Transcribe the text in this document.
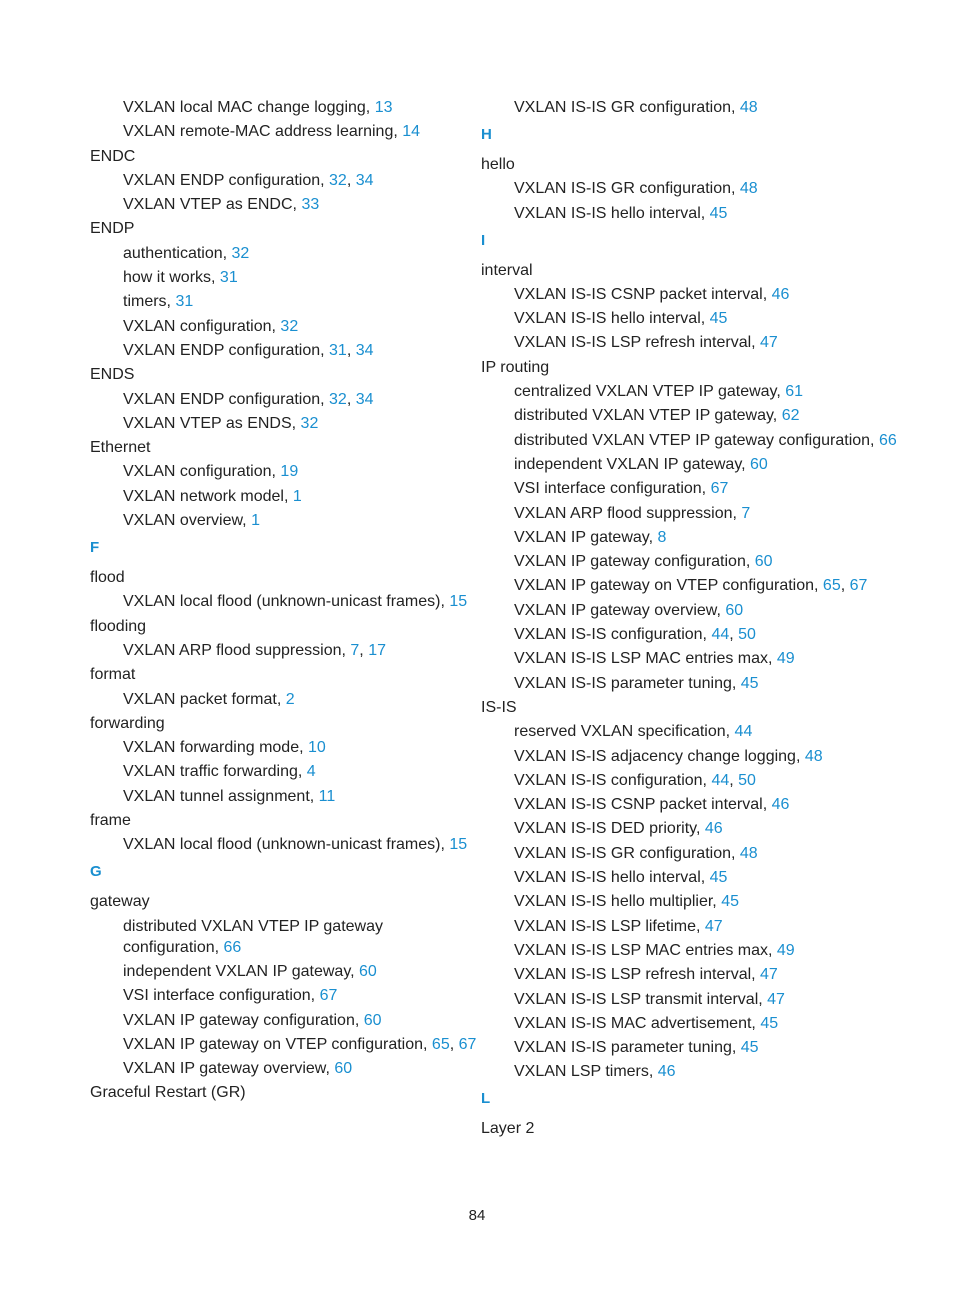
VXLAN local MAC change logging, 13
VXLAN remote-MAC address learning, 14
ENDC
VXLAN ENDP configuration, 32, 34
VXLAN VTEP as ENDC, 33
ENDP
authentication, 32
how it works, 31
timers, 31
VXLAN configuration, 32
VXLAN ENDP configuration, 31, 34
ENDS
VXLAN ENDP configuration, 32, 34
VXLAN VTEP as ENDS, 32
Ethernet
VXLAN configuration, 19
VXLAN network model, 1
VXLAN overview, 1
F
flood
VXLAN local flood (unknown-unicast frames), 15
flooding
VXLAN ARP flood suppression, 7, 17
format
VXLAN packet format, 2
forwarding
VXLAN forwarding mode, 10
VXLAN traffic forwarding, 4
VXLAN tunnel assignment, 11
frame
VXLAN local flood (unknown-unicast frames), 15
G
gateway
distributed VXLAN VTEP IP gateway configuration, 66
independent VXLAN IP gateway, 60
VSI interface configuration, 67
VXLAN IP gateway configuration, 60
VXLAN IP gateway on VTEP configuration, 65, 67
VXLAN IP gateway overview, 60
Graceful Restart (GR)
VXLAN IS-IS GR configuration, 48
H
hello
VXLAN IS-IS GR configuration, 48
VXLAN IS-IS hello interval, 45
I
interval
VXLAN IS-IS CSNP packet interval, 46
VXLAN IS-IS hello interval, 45
VXLAN IS-IS LSP refresh interval, 47
IP routing
centralized VXLAN VTEP IP gateway, 61
distributed VXLAN VTEP IP gateway, 62
distributed VXLAN VTEP IP gateway configuration, 66
independent VXLAN IP gateway, 60
VSI interface configuration, 67
VXLAN ARP flood suppression, 7
VXLAN IP gateway, 8
VXLAN IP gateway configuration, 60
VXLAN IP gateway on VTEP configuration, 65, 67
VXLAN IP gateway overview, 60
VXLAN IS-IS configuration, 44, 50
VXLAN IS-IS LSP MAC entries max, 49
VXLAN IS-IS parameter tuning, 45
IS-IS
reserved VXLAN specification, 44
VXLAN IS-IS adjacency change logging, 48
VXLAN IS-IS configuration, 44, 50
VXLAN IS-IS CSNP packet interval, 46
VXLAN IS-IS DED priority, 46
VXLAN IS-IS GR configuration, 48
VXLAN IS-IS hello interval, 45
VXLAN IS-IS hello multiplier, 45
VXLAN IS-IS LSP lifetime, 47
VXLAN IS-IS LSP MAC entries max, 49
VXLAN IS-IS LSP refresh interval, 47
VXLAN IS-IS LSP transmit interval, 47
VXLAN IS-IS MAC advertisement, 45
VXLAN IS-IS parameter tuning, 45
VXLAN LSP timers, 46
L
Layer 2
84
